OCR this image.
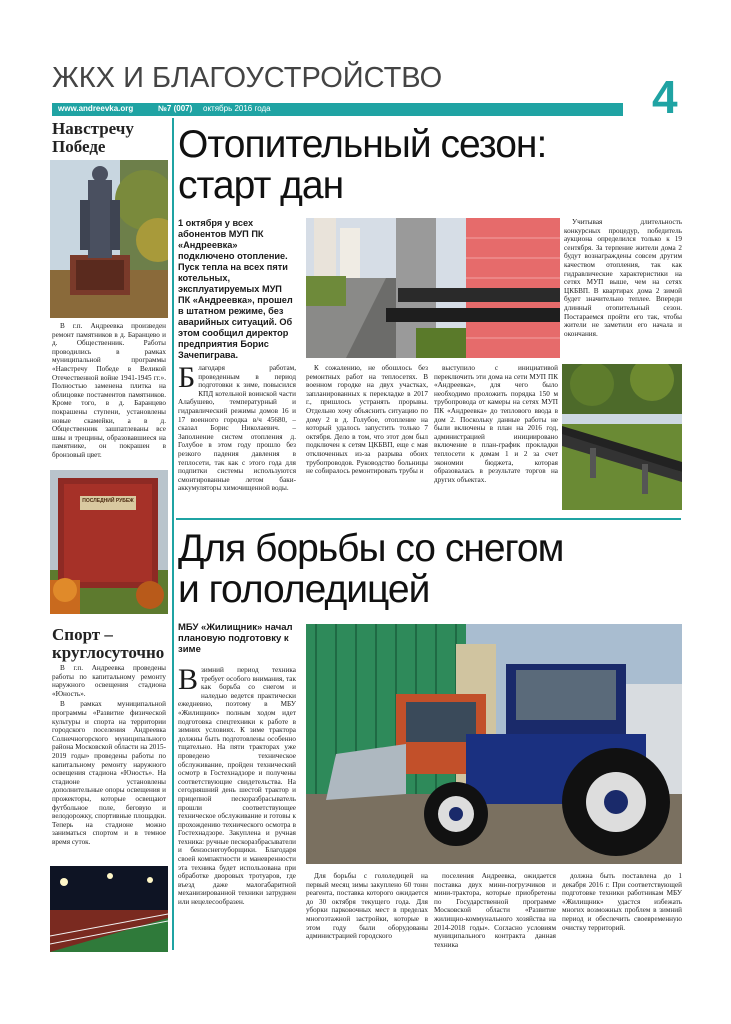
ЖКХ И БЛАГОУСТРОЙСТВО
www.andreevka.org	№7 (007) октябрь 2016 года	4
Навстречу
Победе
В г.п. Андреевка произведен ремонт памятников в д. Баранцево и д. Общественник. Работы проводились в рамках муниципальной программы «Навстречу Победе в Великой Отечественной войне 1941-1945 гг.». Полностью заменена плитка на облицовке постаментов памятников. Кроме того, в д. Баранцево покрашены ступени, установлены новые скамейки, а в д. Общественник зашпатлеваны все швы и трещины, образовавшиеся на памятнике, он покрашен в бронзовый цвет.
ПОСЛЕДНИЙ РУБЕЖ
Спорт –
круглосуточно
В г.п. Андреевка проведены работы по капитальному ремонту наружного освещения стадиона «Юность».
В рамках муниципальной программы «Развитие физической культуры и спорта на территории городского поселения Андреевка Солнечногорского муниципального района Московской области на 2015-2019 годы» проведены работы по капитальному ремонту наружного освещения стадиона «Юность». На стадионе установлены дополнительные опоры освещения и прожекторы, которые освещают футбольное поле, беговую и велодорожку, спортивные площадки. Теперь на стадионе можно заниматься спортом и в темное время суток.
Отопительный сезон:
старт дан
1 октября у всех абонентов МУП ПК «Андреевка» подключено отопление. Пуск тепла на всех пяти котельных, эксплуатируемых МУП ПК «Андреевка», прошел в штатном режиме, без аварийных ситуаций. Об этом сообщил директор предприятия Борис Зачепиграва.
Благодаря работам, проведенным в период подготовки к зиме, повысился КПД котельной воинской части Алабушево, температурный и гидравлический режимы домов 16 и 17 военного городка в/ч 45680, – сказал Борис Николаевич. – Заполнение систем отопления д. Голубое в этом году прошло без резкого падения давления в теплосети, так как с этого года для подпитки системы используются смонтированные летом баки-аккумуляторы химочищенной воды.
К сожалению, не обошлось без ремонтных работ на теплосетях. В военном городке на двух участках, запланированных к перекладке в 2017 г., пришлось устранять прорывы. Отдельно хочу объяснить ситуацию по дому 2 в д. Голубое, отопление на который удалось запустить только 7 октября. Дело в том, что этот дом был подключен к сетям ЦКБВП, еще с мая отключенных из-за разрыва обоих трубопроводов. Руководство больницы не собиралось ремонтировать трубы и
выступило с инициативой переключить эти дома на сети МУП ПК «Андреевка», для чего было необходимо проложить порядка 150 м трубопровода от камеры на сетях МУП ПК «Андреевка» до теплового ввода в дом 2. Поскольку данные работы не были включены в план на 2016 год, администрацией инициировано включение в план-график прокладки теплосети к домам 1 и 2 за счет экономии бюджета, которая образовалась в результате торгов на других объектах.
Учитывая длительность конкурсных процедур, победитель аукциона определился только к 19 сентября. За терпение жители дома 2 будут вознаграждены совсем другим качеством отопления, так как гидравлические характеристики на сетях МУП выше, чем на сетях ЦКБВП. В квартирах дома 2 зимой будет значительно теплее. Впереди длинный отопительный сезон. Постараемся пройти его так, чтобы жители не заметили его начала и окончания.
Для борьбы со снегом
и гололедицей
МБУ «Жилищник» начал плановую подготовку к зиме
Взимний период техника требует особого внимания, так как борьба со снегом и наледью ведется практически ежедневно, поэтому в МБУ «Жилищник» полным ходом идет подготовка спецтехники к работе в зимних условиях. К зиме трактора должны быть подготовлены особенно тщательно. На пяти тракторах уже проведено техническое обслуживание, пройден технический осмотр в Гостехнадзоре и получены соответствующие свидетельства. На сегодняшний день шестой трактор и прицепной пескоразбрасыватель прошли соответствующее техническое обслуживание и готовы к прохождению технического осмотра в Гостехнадзоре. Закуплена и ручная техника: ручные пескоразбрасыватели и бензоснегоуборщики. Благодаря своей компактности и маневренности эта техника будет использована при обработке дворовых тротуаров, где въезд даже малогабаритной механизированной техники затруднен или нецелесообразен.
Для борьбы с гололедицей на первый месяц зимы закуплено 60 тонн реагента, поставка которого ожидается до 30 октября текущего года. Для уборки парковочных мест в пределах многоэтажной застройки, которые в этом году были оборудованы администрацией городского
поселения Андреевка, ожидается поставка двух мини-погрузчиков и мини-трактора, которые приобретены по Государственной программе Московской области «Развитие жилищно-коммунального хозяйства на 2014-2018 годы». Согласно условиям муниципального контракта данная техника
должна быть поставлена до 1 декабря 2016 г. При соответствующей подготовке техники работникам МБУ «Жилищник» удастся избежать многих возможных проблем в зимний период и обеспечить своевременную очистку территорий.
